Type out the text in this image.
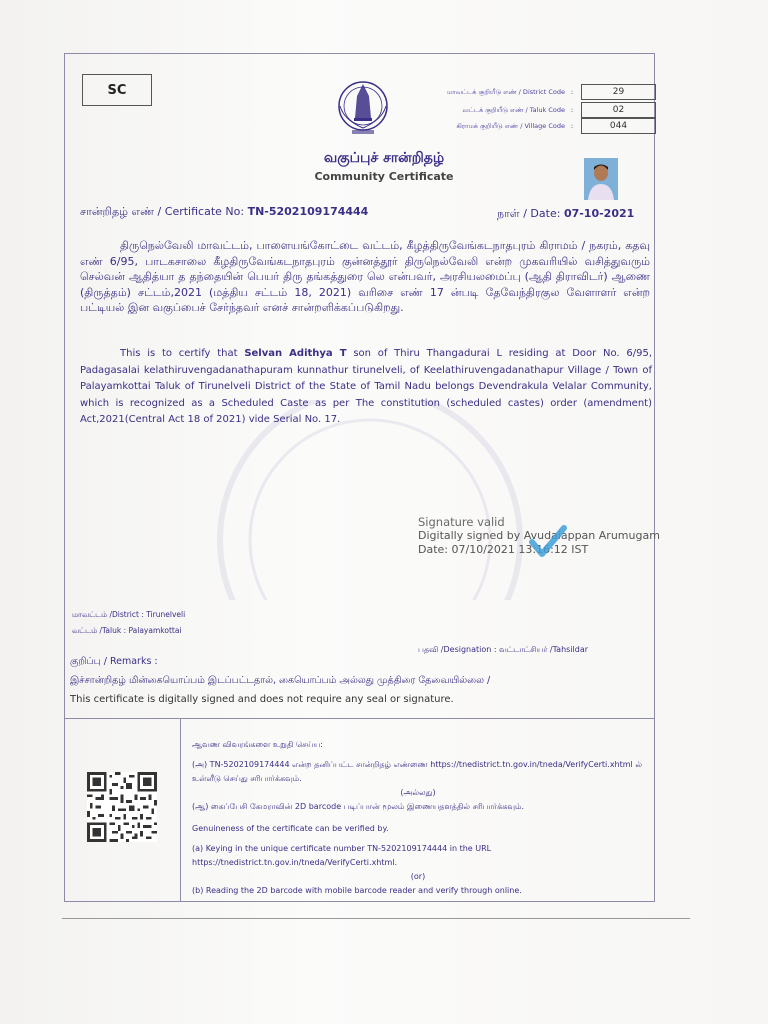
SC	மாவட்டக் குறியீடு எண் / District Code :	29
வட்டக் குறியீடு எண் / Taluk Code :	02
கிராமக் குறியீடு எண் / Village Code :	044
வகுப்புச் சான்றிதழ்
Community Certificate
சான்றிதழ் எண் / Certificate No: TN-5202109174444	நாள் / Date: 07-10-2021
திருநெல்வேலி மாவட்டம், பாளையங்கோட்டை வட்டம், கீழத்திருவேங்கடநாதபுரம் கிராமம் / நகரம், கதவு எண் 6/95, பாடகசாலை கீழதிருவேங்கடநாதபுரம் குன்னத்தூர் திருநெல்வேலி என்ற முகவரியில் வசித்துவரும் செல்வன் ஆதித்யா த தந்தையின் பெயர் திரு தங்கத்துரை லெ என்பவர், அரசியலமைப்பு (ஆதி திராவிடர்) ஆணை (திருத்தம்) சட்டம்,2021 (மத்திய சட்டம் 18, 2021) வரிசை எண் 17 ன்படி தேவேந்திரகுல வேளாளர் என்ற பட்டியல் இன வகுப்பைச் சேர்ந்தவர் எனச் சான்றளிக்கப்படுகிறது.
This is to certify that Selvan Adithya T son of Thiru Thangadurai L residing at Door No. 6/95, Padagasalai kelathiruvengadanathapuram kunnathur tirunelveli, of Keelathiruvengadanathapur Village / Town of Palayamkottai Taluk of Tirunelveli District of the State of Tamil Nadu belongs Devendrakula Velalar Community, which is recognized as a Scheduled Caste as per The constitution (scheduled castes) order (amendment) Act,2021(Central Act 18 of 2021) vide Serial No. 17.
Signature valid
Digitally signed by Avudaiappan Arumugam
Date: 07/10/2021 13:16:12 IST
மாவட்டம் /District : Tirunelveli
வட்டம் /Taluk : Palayamkottai
பதவி /Designation : வட்டாட்சியர் /Tahsildar
குறிப்பு / Remarks :
இச்சான்றிதழ் மின்கையொப்பம் இடப்பட்டதால், கையொப்பம் அல்லது முத்திரை தேவையில்லை /
This certificate is digitally signed and does not require any seal or signature.
ஆவண விவரங்களை உறுதி செய்ய:
(அ) TN-5202109174444 என்ற தனிப்பட்ட சான்றிதழ் எண்ணை https://tnedistrict.tn.gov.in/tneda/VerifyCerti.xhtml ல் உள்ளீடு செய்து சரிபார்க்கவும்.
(அல்லது)
(ஆ) கைப்பேசி கேமராவின் 2D barcode படிப்பான் மூலம் இணையதளத்தில் சரிபார்க்கவும்.
Genuineness of the certificate can be verified by.
(a) Keying in the unique certificate number TN-5202109174444 in the URL https://tnedistrict.tn.gov.in/tneda/VerifyCerti.xhtml.
(or)
(b) Reading the 2D barcode with mobile barcode reader and verify through online.
